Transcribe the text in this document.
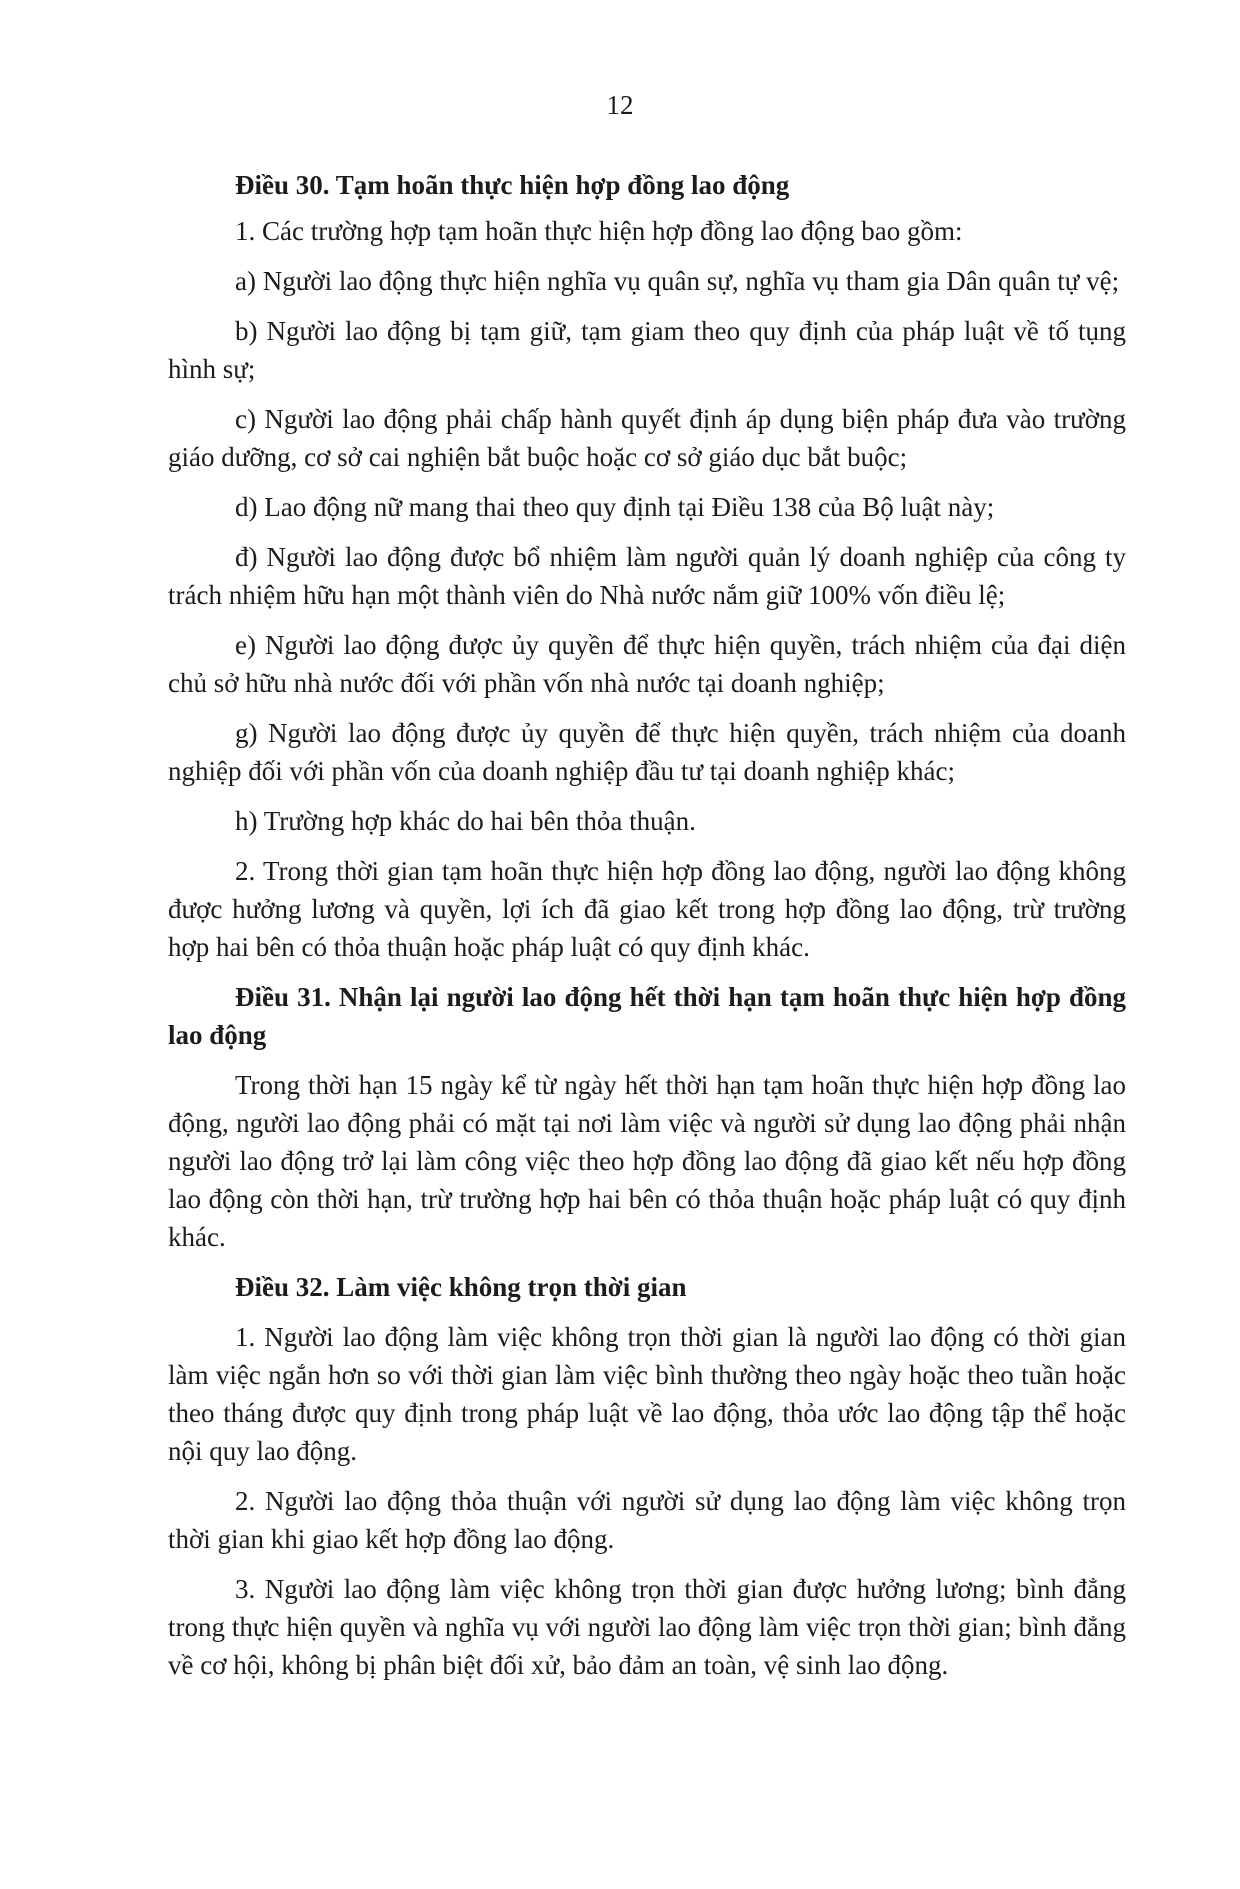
12

Điều 30. Tạm hoãn thực hiện hợp đồng lao động

1. Các trường hợp tạm hoãn thực hiện hợp đồng lao động bao gồm:

a) Người lao động thực hiện nghĩa vụ quân sự, nghĩa vụ tham gia Dân quân tự vệ;

b) Người lao động bị tạm giữ, tạm giam theo quy định của pháp luật về tố tụng hình sự;

c) Người lao động phải chấp hành quyết định áp dụng biện pháp đưa vào trường giáo dưỡng, cơ sở cai nghiện bắt buộc hoặc cơ sở giáo dục bắt buộc;

d) Lao động nữ mang thai theo quy định tại Điều 138 của Bộ luật này;

đ) Người lao động được bổ nhiệm làm người quản lý doanh nghiệp của công ty trách nhiệm hữu hạn một thành viên do Nhà nước nắm giữ 100% vốn điều lệ;

e) Người lao động được ủy quyền để thực hiện quyền, trách nhiệm của đại diện chủ sở hữu nhà nước đối với phần vốn nhà nước tại doanh nghiệp;

g) Người lao động được ủy quyền để thực hiện quyền, trách nhiệm của doanh nghiệp đối với phần vốn của doanh nghiệp đầu tư tại doanh nghiệp khác;

h) Trường hợp khác do hai bên thỏa thuận.

2. Trong thời gian tạm hoãn thực hiện hợp đồng lao động, người lao động không được hưởng lương và quyền, lợi ích đã giao kết trong hợp đồng lao động, trừ trường hợp hai bên có thỏa thuận hoặc pháp luật có quy định khác.

Điều 31. Nhận lại người lao động hết thời hạn tạm hoãn thực hiện hợp đồng lao động

Trong thời hạn 15 ngày kể từ ngày hết thời hạn tạm hoãn thực hiện hợp đồng lao động, người lao động phải có mặt tại nơi làm việc và người sử dụng lao động phải nhận người lao động trở lại làm công việc theo hợp đồng lao động đã giao kết nếu hợp đồng lao động còn thời hạn, trừ trường hợp hai bên có thỏa thuận hoặc pháp luật có quy định khác.

Điều 32. Làm việc không trọn thời gian

1. Người lao động làm việc không trọn thời gian là người lao động có thời gian làm việc ngắn hơn so với thời gian làm việc bình thường theo ngày hoặc theo tuần hoặc theo tháng được quy định trong pháp luật về lao động, thỏa ước lao động tập thể hoặc nội quy lao động.

2. Người lao động thỏa thuận với người sử dụng lao động làm việc không trọn thời gian khi giao kết hợp đồng lao động.

3. Người lao động làm việc không trọn thời gian được hưởng lương; bình đẳng trong thực hiện quyền và nghĩa vụ với người lao động làm việc trọn thời gian; bình đẳng về cơ hội, không bị phân biệt đối xử, bảo đảm an toàn, vệ sinh lao động.
